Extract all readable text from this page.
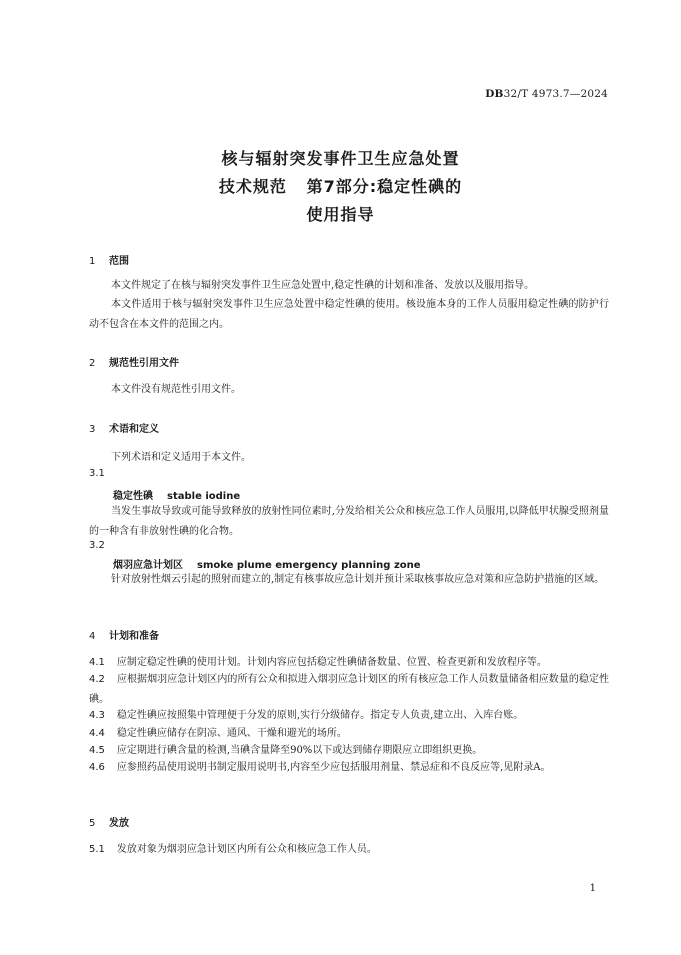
DB32/T 4973.7—2024
核与辐射突发事件卫生应急处置
技术规范   第7部分:稳定性碘的
使用指导
1 范围
本文件规定了在核与辐射突发事件卫生应急处置中,稳定性碘的计划和准备、发放以及服用指导。
本文件适用于核与辐射突发事件卫生应急处置中稳定性碘的使用。核设施本身的工作人员服用稳定性碘的防护行动不包含在本文件的范围之内。
2 规范性引用文件
本文件没有规范性引用文件。
3 术语和定义
下列术语和定义适用于本文件。
3.1
稳定性碘 stable iodine
当发生事故导致或可能导致释放的放射性同位素时,分发给相关公众和核应急工作人员服用,以降低甲状腺受照剂量的一种含有非放射性碘的化合物。
3.2
烟羽应急计划区 smoke plume emergency planning zone
针对放射性烟云引起的照射而建立的,制定有核事故应急计划并预计采取核事故应急对策和应急防护措施的区域。
4 计划和准备
4.1 应制定稳定性碘的使用计划。计划内容应包括稳定性碘储备数量、位置、检查更新和发放程序等。
4.2 应根据烟羽应急计划区内的所有公众和拟进入烟羽应急计划区的所有核应急工作人员数量储备相应数量的稳定性碘。
4.3 稳定性碘应按照集中管理便于分发的原则,实行分级储存。指定专人负责,建立出、入库台账。
4.4 稳定性碘应储存在阴凉、通风、干燥和避光的场所。
4.5 应定期进行碘含量的检测,当碘含量降至90%以下或达到储存期限应立即组织更换。
4.6 应参照药品使用说明书制定服用说明书,内容至少应包括服用剂量、禁忌症和不良反应等,见附录A。
5 发放
5.1 发放对象为烟羽应急计划区内所有公众和核应急工作人员。
1
